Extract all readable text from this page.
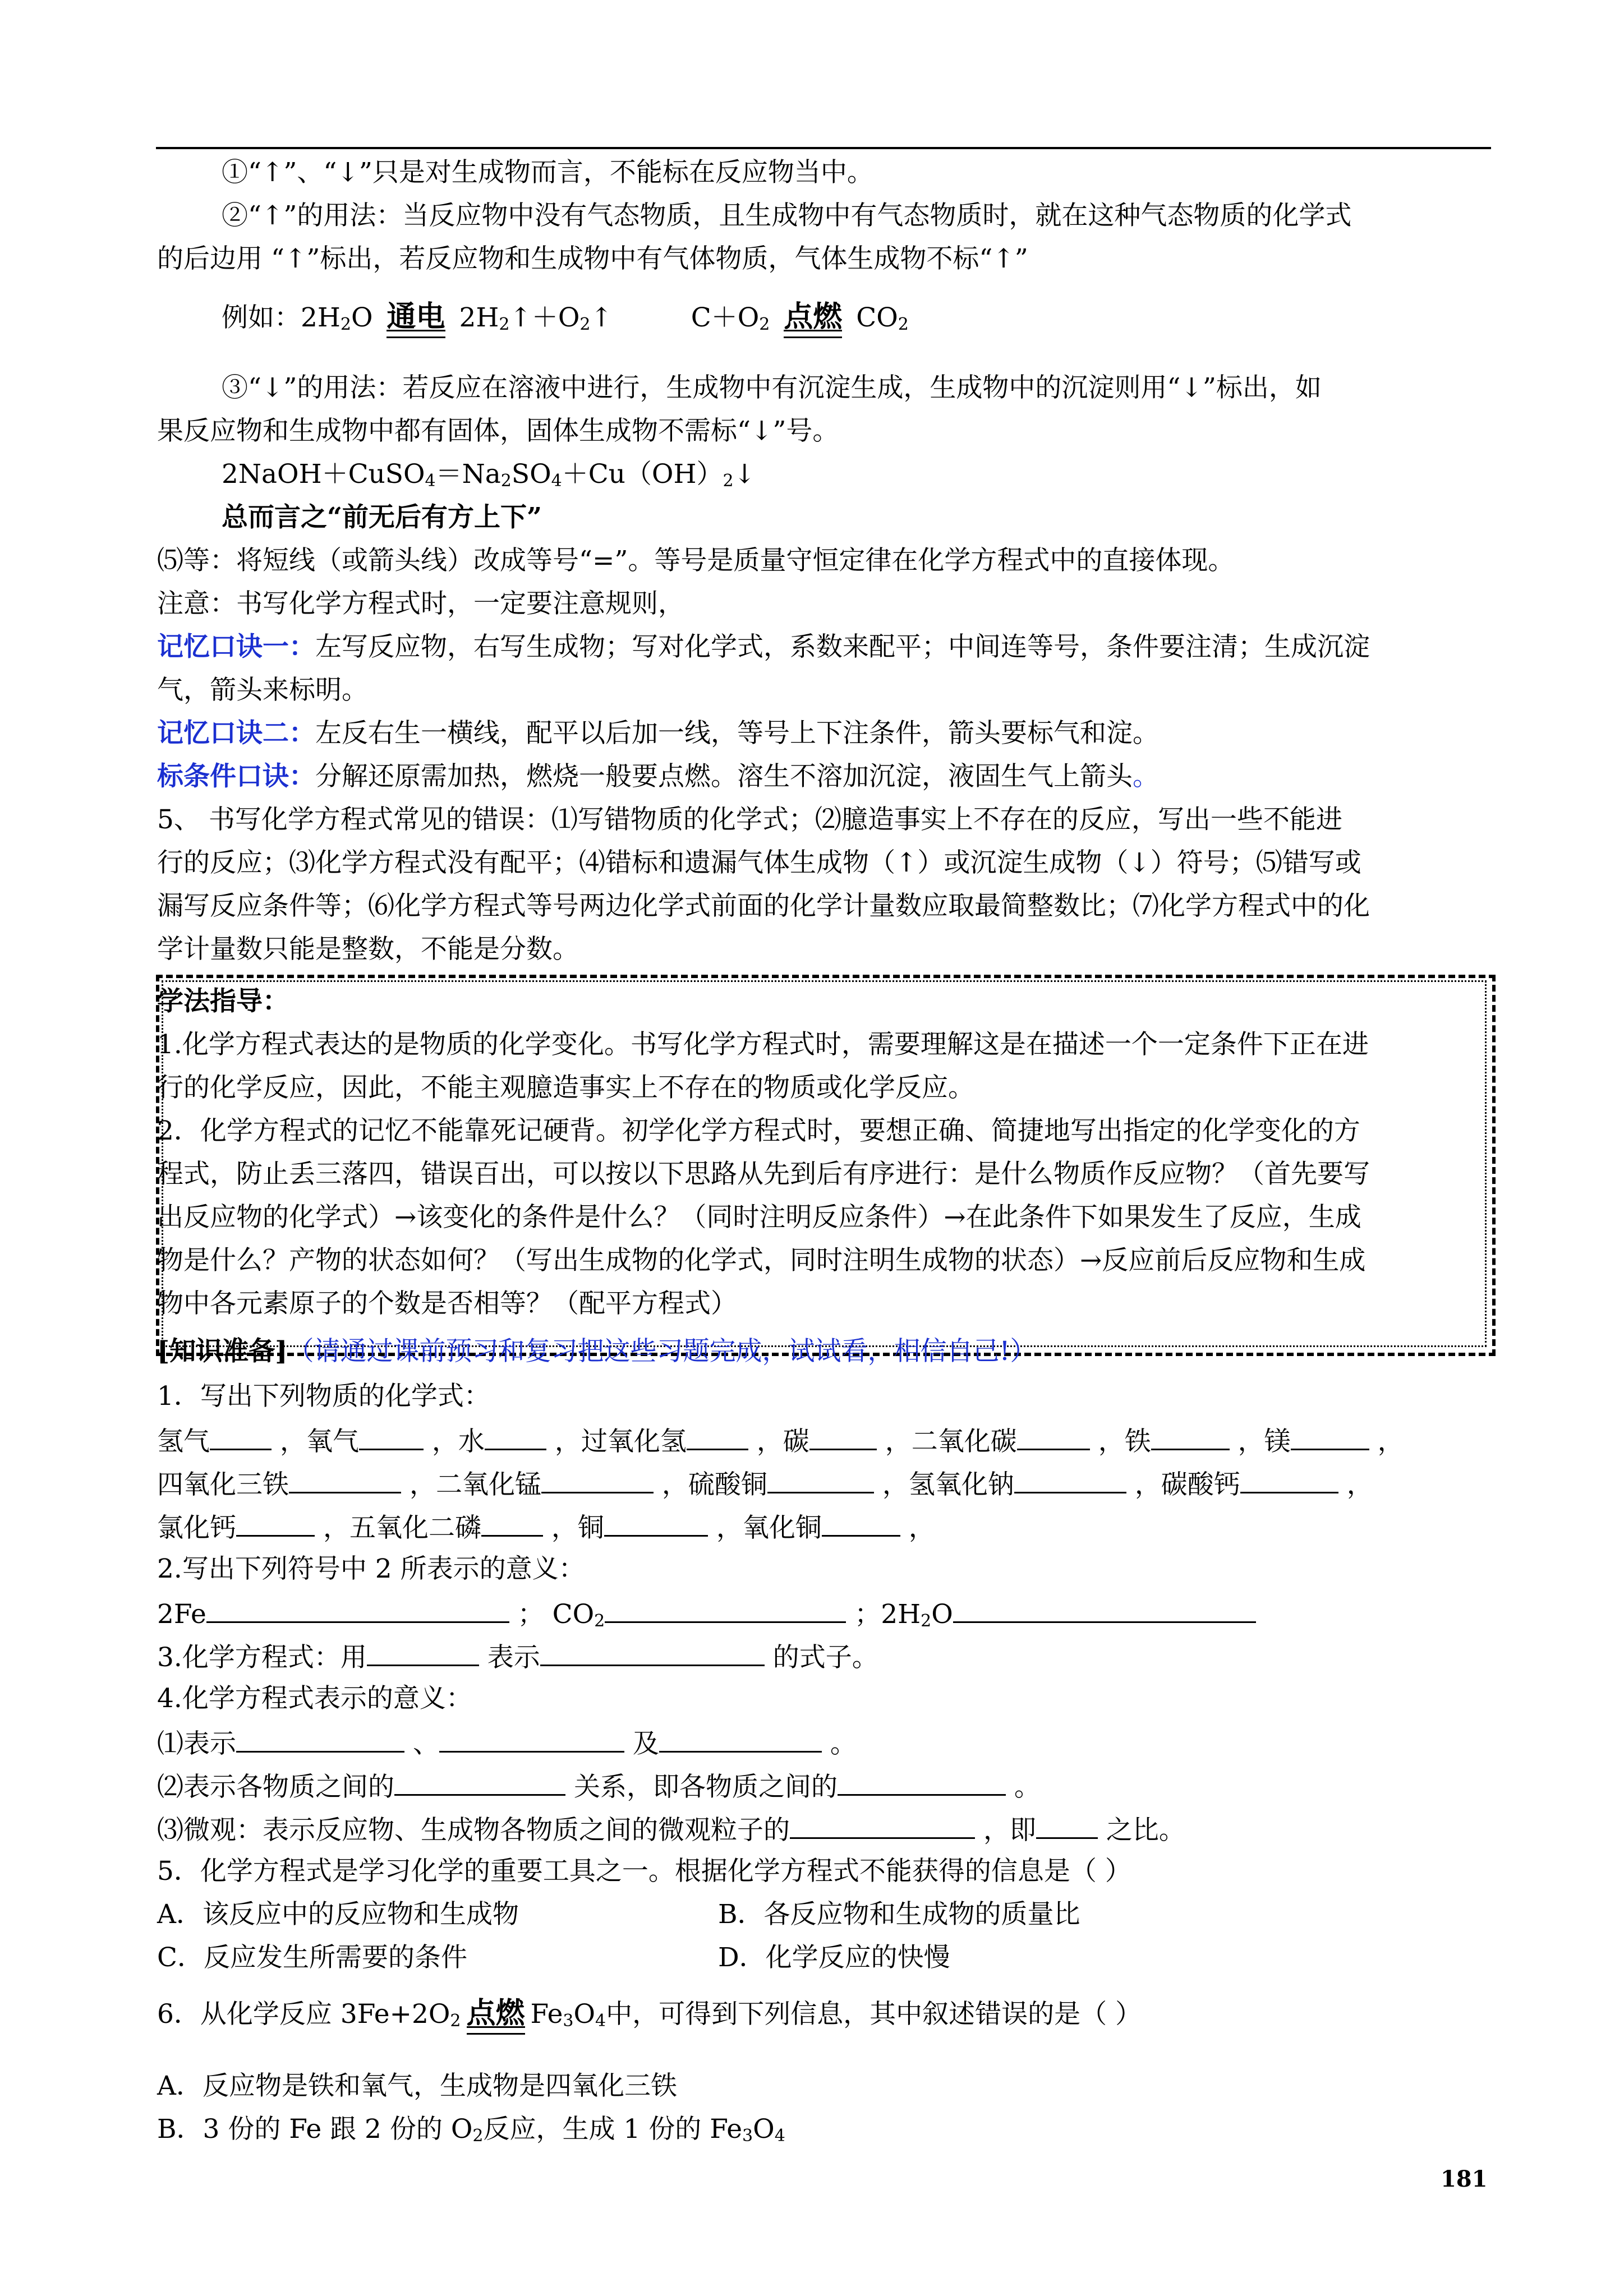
①“↑”、“↓”只是对生成物而言，不能标在反应物当中。
②“↑”的用法：当反应物中没有气态物质，且生成物中有气态物质时，就在这种气态物质的化学式
的后边用 “↑”标出，若反应物和生成物中有气体物质，气体生成物不标“↑”
例如：$2H_2O$ 通电 $2H_2↑+O_2↑$	$C+O_2$ 点燃 $CO_2$
③“↓”的用法：若反应在溶液中进行，生成物中有沉淀生成，生成物中的沉淀则用“↓”标出，如
果反应物和生成物中都有固体，固体生成物不需标“↓”号。
$2NaOH+CuSO_4=Na_2SO_4+Cu(OH)_2↓$
总而言之“前无后有方上下”
⑸等：将短线（或箭头线）改成等号“=”。等号是质量守恒定律在化学方程式中的直接体现。
注意：书写化学方程式时，一定要注意规则，
记忆口诀一：左写反应物，右写生成物；写对化学式，系数来配平；中间连等号，条件要注清；生成沉淀
气，箭头来标明。
记忆口诀二：左反右生一横线，配平以后加一线，等号上下注条件，箭头要标气和淀。
标条件口诀：分解还原需加热，燃烧一般要点燃。溶生不溶加沉淀，液固生气上箭头。
5、 书写化学方程式常见的错误：⑴写错物质的化学式；⑵臆造事实上不存在的反应，写出一些不能进
行的反应；⑶化学方程式没有配平；⑷错标和遗漏气体生成物（↑）或沉淀生成物（↓）符号；⑸错写或
漏写反应条件等；⑹化学方程式等号两边化学式前面的化学计量数应取最简整数比；⑺化学方程式中的化
学计量数只能是整数，不能是分数。
学法指导：
1.化学方程式表达的是物质的化学变化。书写化学方程式时，需要理解这是在描述一个一定条件下正在进
行的化学反应，因此，不能主观臆造事实上不存在的物质或化学反应。
2．化学方程式的记忆不能靠死记硬背。初学化学方程式时，要想正确、简捷地写出指定的化学变化的方
程式，防止丢三落四，错误百出，可以按以下思路从先到后有序进行：是什么物质作反应物？（首先要写
出反应物的化学式）→该变化的条件是什么？（同时注明反应条件）→在此条件下如果发生了反应，生成
物是什么？产物的状态如何？（写出生成物的化学式，同时注明生成物的状态）→反应前后反应物和生成
物中各元素原子的个数是否相等？（配平方程式）
[知识准备]（请通过课前预习和复习把这些习题完成，试试看，相信自己!）
1．写出下列物质的化学式：
氢气	，氧气	，水	，过氧化氢	，碳	，二氧化碳	，铁	，镁	，
四氧化三铁	，二氧化锰	，硫酸铜	，氢氧化钠	，碳酸钙	，
氯化钙	，五氧化二磷	，铜	，氧化铜	，
2.写出下列符号中 2 所表示的意义：
2Fe	； $CO_2$	；$2H_2O$
3.化学方程式：用	表示	的式子。
4.化学方程式表示的意义：
⑴表示	、	及	。
⑵表示各物质之间的	关系，即各物质之间的	。
⑶微观：表示反应物、生成物各物质之间的微观粒子的	，即	之比。
5．化学方程式是学习化学的重要工具之一。根据化学方程式不能获得的信息是（ ）
A．该反应中的反应物和生成物	B．各反应物和生成物的质量比
C．反应发生所需要的条件	D．化学反应的快慢
6．从化学反应 $3Fe+2O_2$ 点燃 $Fe_3O_4$中，可得到下列信息，其中叙述错误的是（ ）
A．反应物是铁和氧气，生成物是四氧化三铁
B．3 份的 Fe 跟 2 份的 $O_2$反应，生成 1 份的 $Fe_3O_4$
181
